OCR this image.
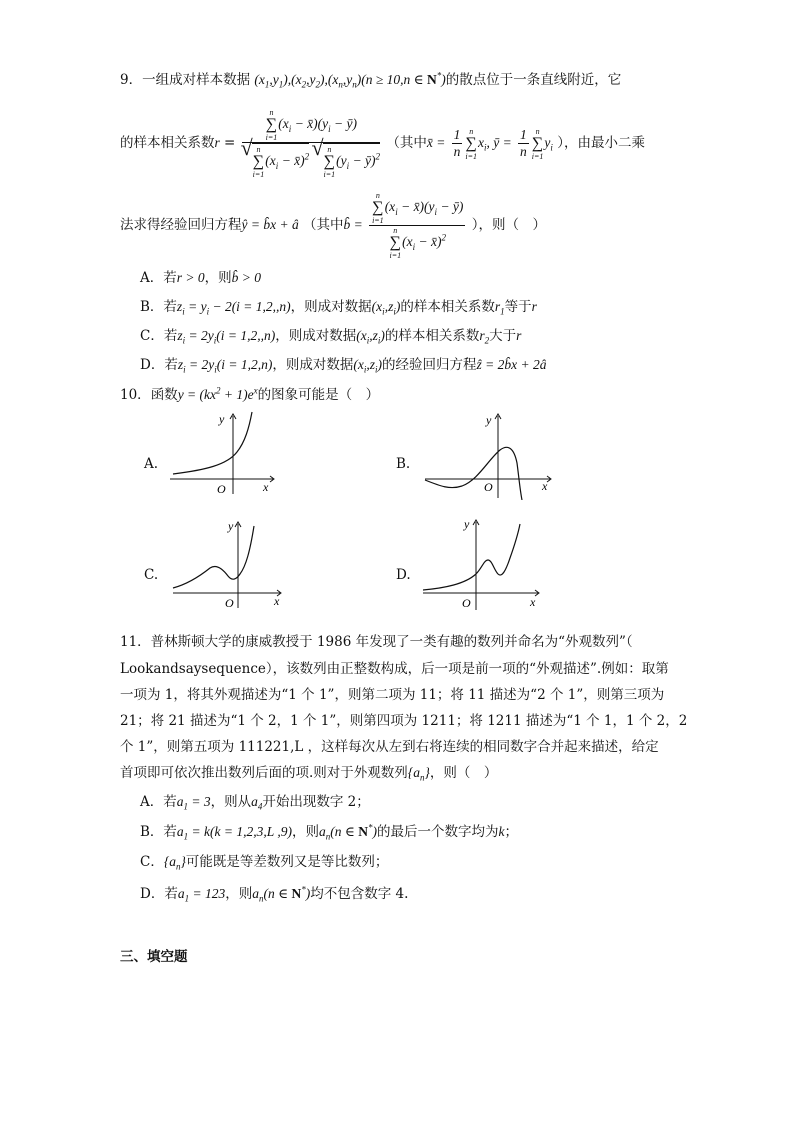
9．一组成对样本数据 $(x_1,y_1),(x_2,y_2),(x_n,y_n)(n \ge 10,n$ ∈ N*)的散点位于一条直线附近，它
的样本相关系数r = n
∑
$i=1(x_i$ − $x̄)(y_i$ − ȳ)
√ n
∑
$i=1(x_i$ − x̄)$^2$ √ n
∑
$i=1(y_i$ − ȳ)$^2$ （其中x̄ = $\frac{1}{n}$ n
∑
$i=1x_i$, ȳ = $\frac{1}{n}$ n
∑
$i=1y_i$ ），由最小二乘
法求得经验回归方程ŷ = b̂x + â （其中b̂ = n
∑
$i=1(x_i$ − $x̄)(y_i$ − ȳ)
n
∑
$i=1(x_i$ − x̄)$^2$ ），则（　）
A．若r > 0，则b̂ > 0
B．若$z_i = y_i - 2(i = 1,2,,n)$，则成对数据$(x_i,z_i)$的样本相关系数$r_1$等于r
C．若$z_i = 2y_i(i = 1,2,,n)$，则成对数据$(x_i,z_i)$的样本相关系数$r_2$大于r
D．若$z_i = 2y_i(i = 1,2,n)$，则成对数据$(x_i,z_i)$的经验回归方程ẑ = 2b̂x + 2â
10．函数$y = (kx^2 + 1)e^x$的图象可能是（　）
A.
x
y
O
B.
x
y
O
C.
x
y
O
D.
x
y
O
11．普林斯顿大学的康威教授于 1986 年发现了一类有趣的数列并命名为“外观数列”（
Lookandsaysequence），该数列由正整数构成，后一项是前一项的“外观描述”.例如：取第
一项为 1，将其外观描述为“1 个 1”，则第二项为 11；将 11 描述为“2 个 1”，则第三项为
21；将 21 描述为“1 个 2，1 个 1”，则第四项为 1211；将 1211 描述为“1 个 1，1 个 2，2
个 1”，则第五项为 111221,L ，这样每次从左到右将连续的相同数字合并起来描述，给定
首项即可依次推出数列后面的项.则对于外观数列$\{a_n\}$，则（　）
A．若$a_1 = 3$，则从$a_4$开始出现数字 2；
B．若$a_1 = k(k = 1,2,3,L$ ,9)，则$a_n(n$ ∈ N*)的最后一个数字均为k；
C．$\{a_n\}$可能既是等差数列又是等比数列；
D．若$a_1 = 123$，则$a_n(n$ ∈ N*)均不包含数字 4.
三、填空题
